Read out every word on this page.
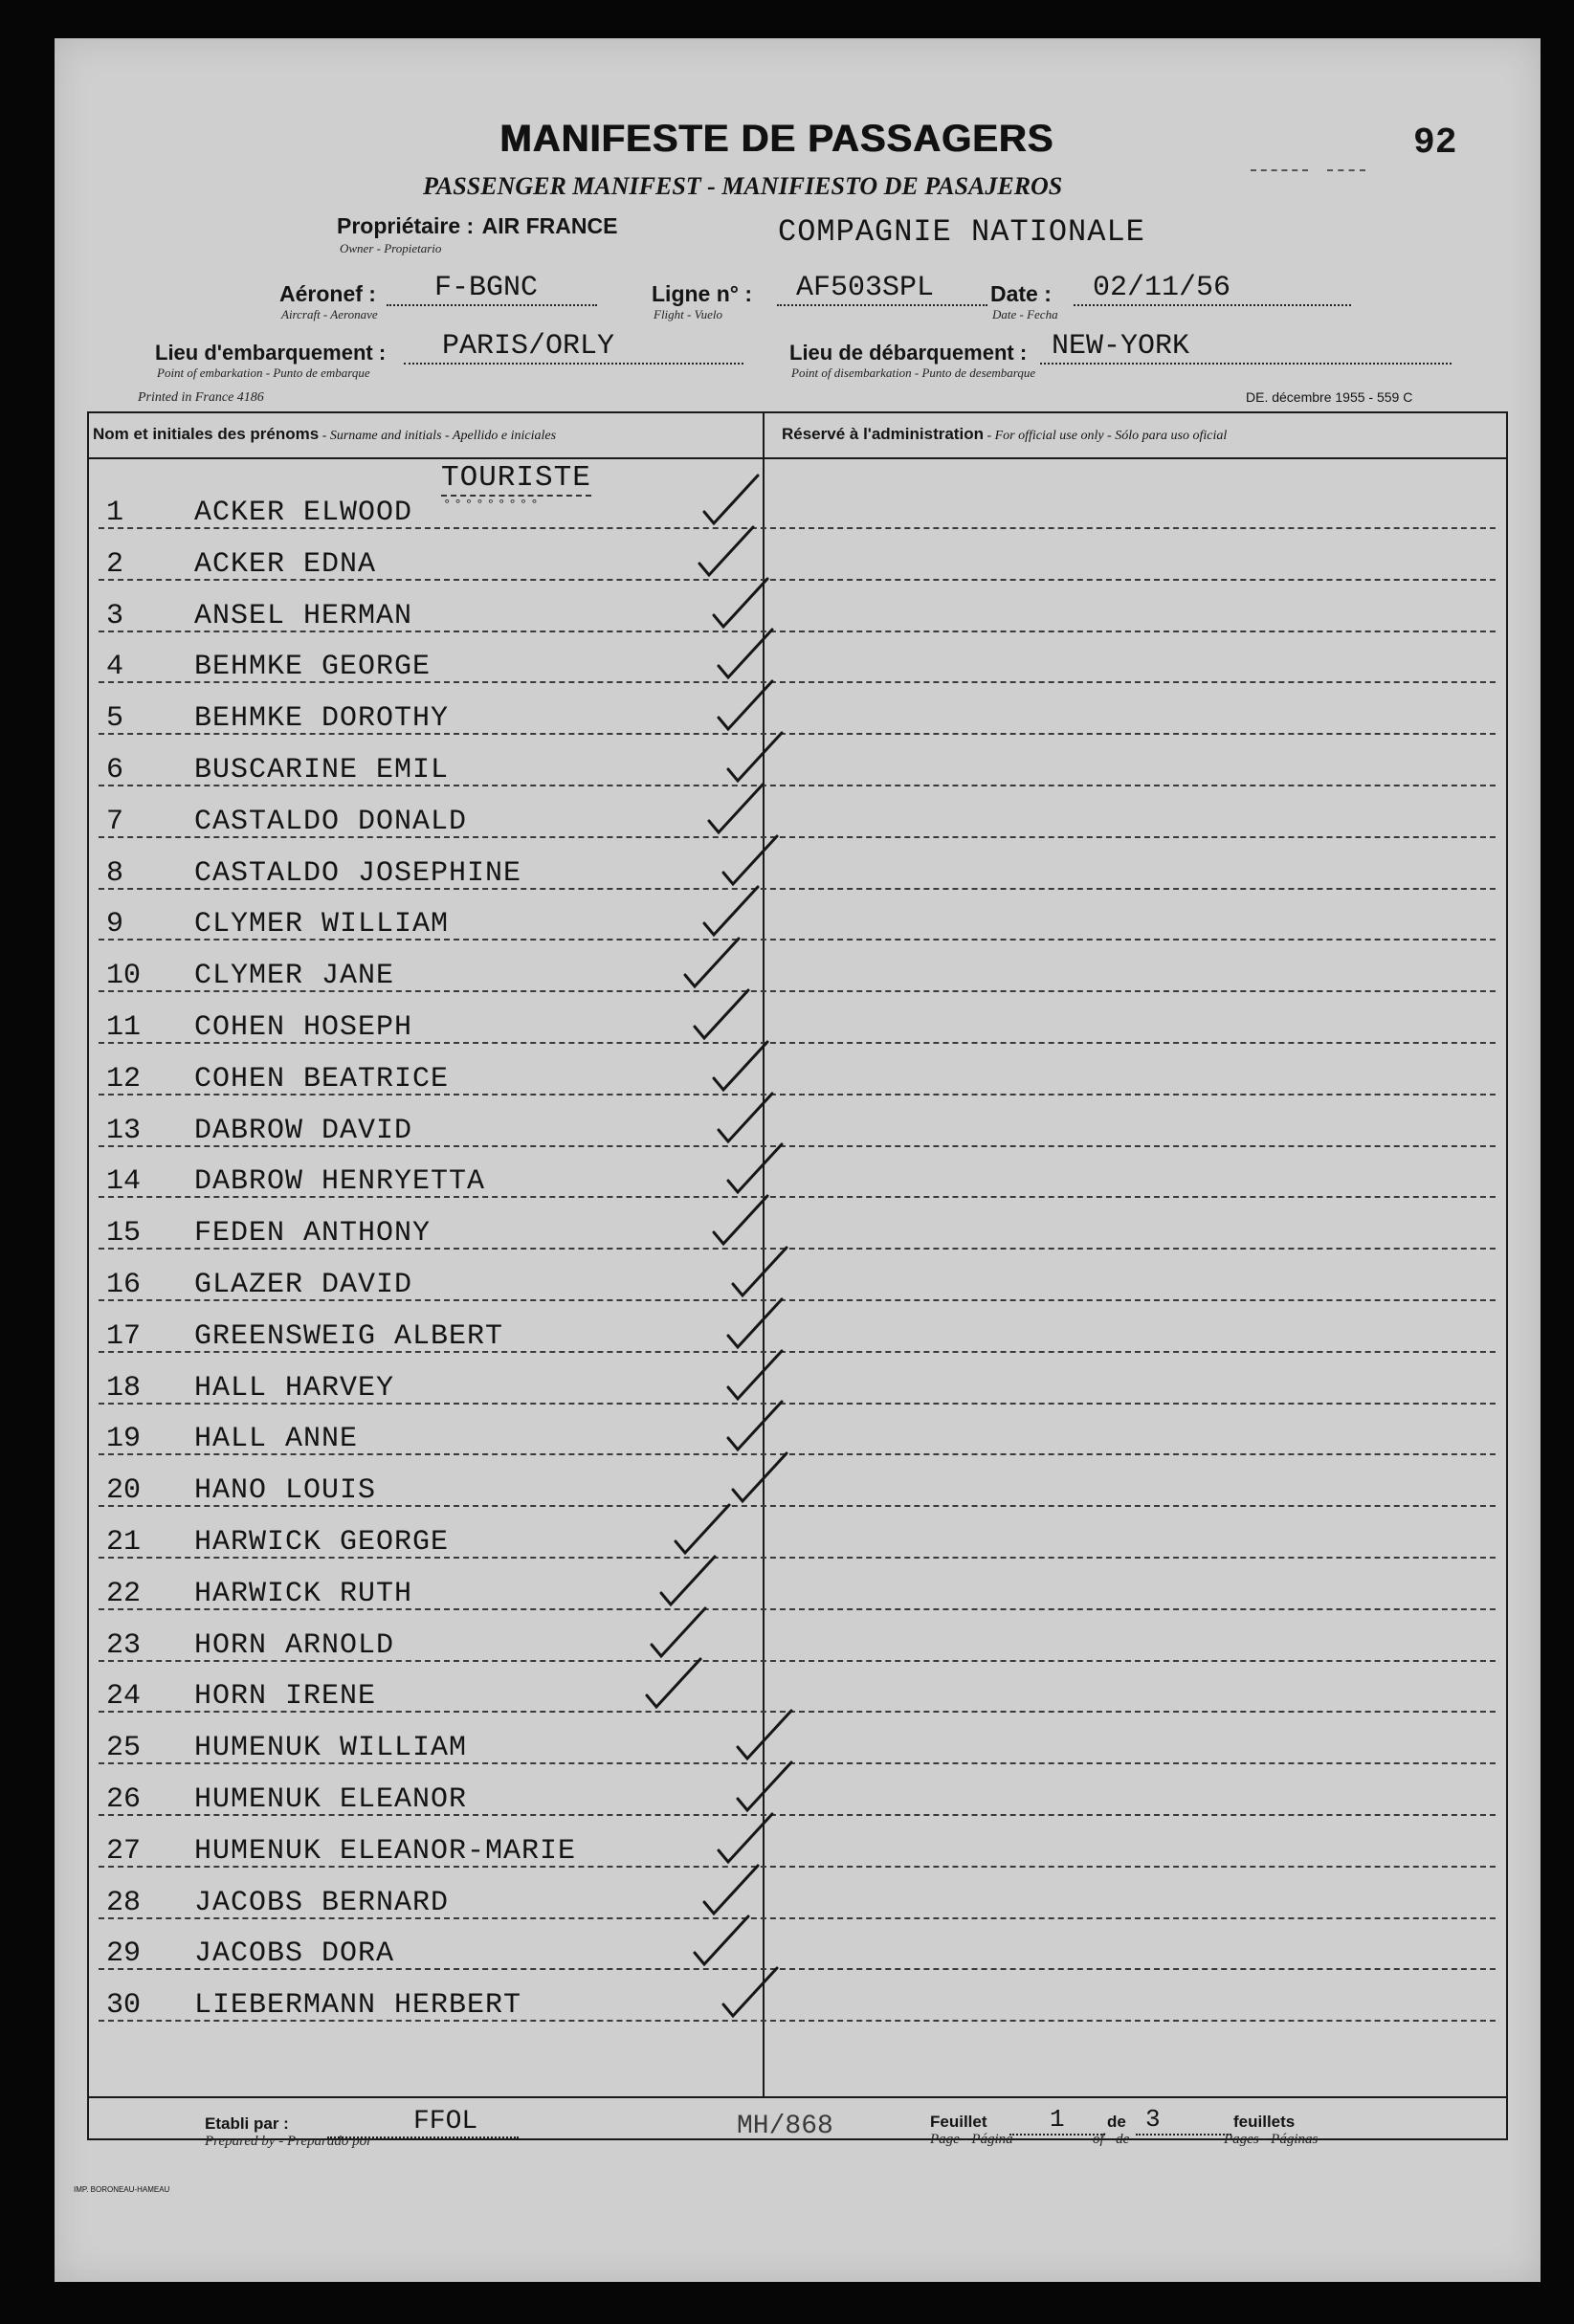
MANIFESTE DE PASSAGERS	92
PASSENGER MANIFEST - MANIFIESTO DE PASAJEROS
Propriétaire : AIR FRANCE
Owner - Propietario	COMPAGNIE NATIONALE
Aéronef :	F-BGNC
Aircraft - Aeronave
Ligne n° :	AF503SPL
Flight - Vuelo
Date :	02/11/56
Date - Fecha
Lieu d'embarquement :	PARIS/ORLY
Point of embarkation - Punto de embarque
Lieu de débarquement : NEW-YORK
Point of disembarkation - Punto de desembarque
Printed in France 4186	DE. décembre 1955 - 559 C
Nom et initiales des prénoms - Surname and initials - Apellido e iniciales	Réservé à l'administration - For official use only - Sólo para uso oficial
TOURISTE
°°°°°°°°°
1	ACKER ELWOOD
2	ACKER EDNA
3	ANSEL HERMAN
4	BEHMKE GEORGE
5	BEHMKE DOROTHY
6	BUSCARINE EMIL
7	CASTALDO DONALD
8	CASTALDO JOSEPHINE
9	CLYMER WILLIAM
10	CLYMER JANE
11	COHEN HOSEPH
12	COHEN BEATRICE
13	DABROW DAVID
14	DABROW HENRYETTA
15	FEDEN ANTHONY
16	GLAZER DAVID
17	GREENSWEIG ALBERT
18	HALL HARVEY
19	HALL ANNE
20	HANO LOUIS
21	HARWICK GEORGE
22	HARWICK RUTH
23	HORN ARNOLD
24	HORN IRENE
25	HUMENUK WILLIAM
26	HUMENUK ELEANOR
27	HUMENUK ELEANOR-MARIE
28	JACOBS BERNARD
29	JACOBS DORA
30	LIEBERMANN HERBERT
Etabli par :
Prepared by - Preparado por
FFOL	MH/868	Feuillet
Page - Página
1	de
of - de
3	feuillets
Pages - Páginas
IMP. BORONEAU-HAMEAU
